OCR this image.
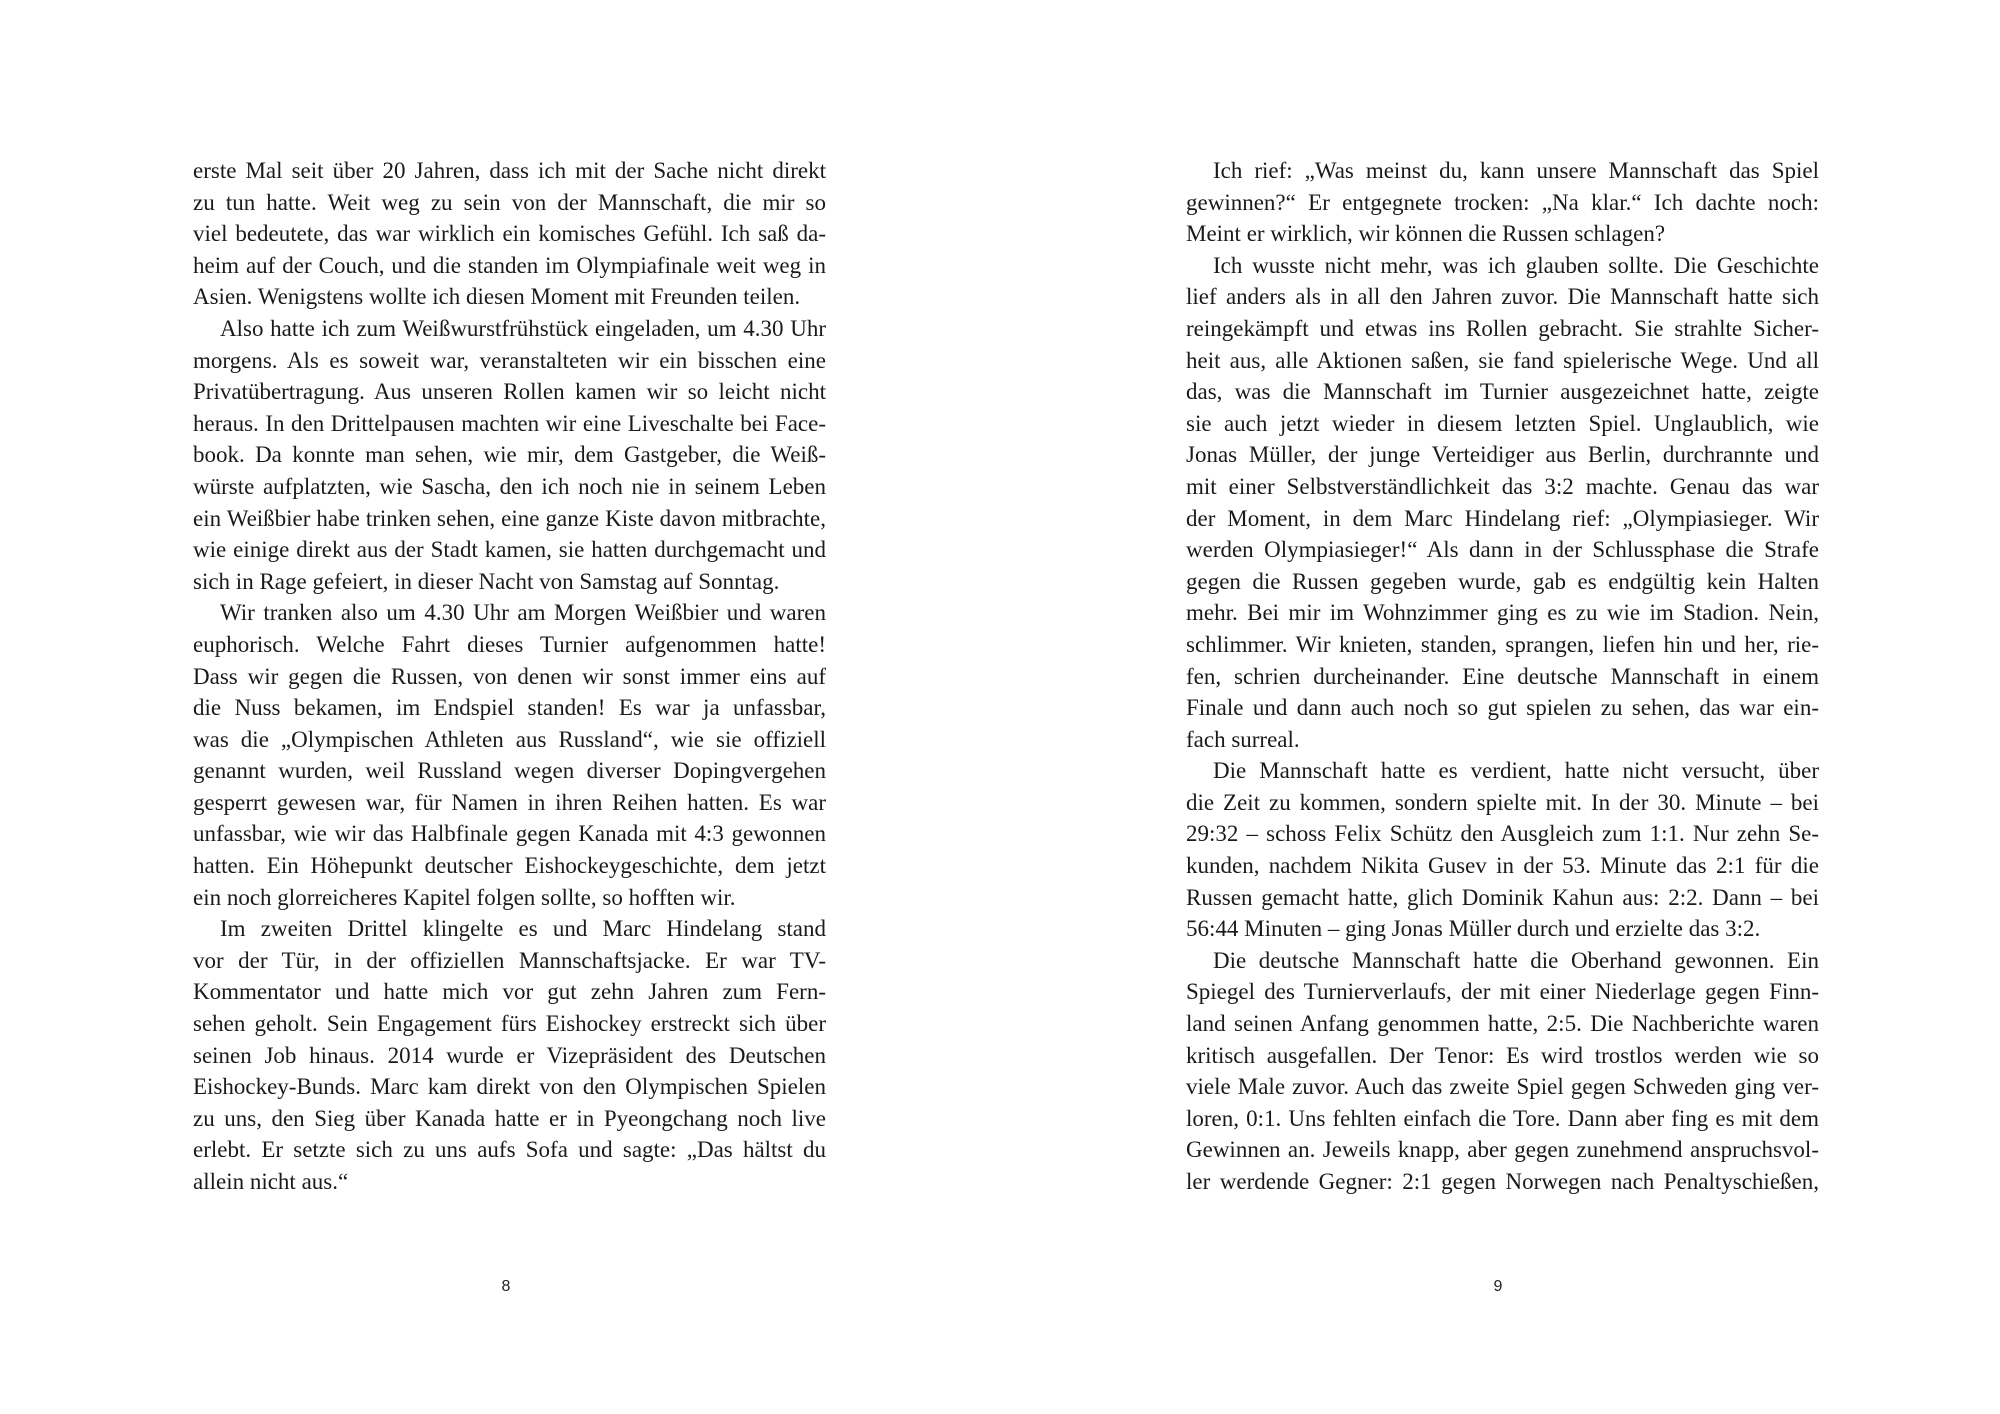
erste Mal seit über 20 Jahren, dass ich mit der Sache nicht direkt
zu tun hatte. Weit weg zu sein von der Mannschaft, die mir so
viel bedeutete, das war wirklich ein komisches Gefühl. Ich saß da-
heim auf der Couch, und die standen im Olympiafinale weit weg in
Asien. Wenigstens wollte ich diesen Moment mit Freunden teilen.
Also hatte ich zum Weißwurstfrühstück eingeladen, um 4.30 Uhr
morgens. Als es soweit war, veranstalteten wir ein bisschen eine
Privatübertragung. Aus unseren Rollen kamen wir so leicht nicht
heraus. In den Drittelpausen machten wir eine Liveschalte bei Face-
book. Da konnte man sehen, wie mir, dem Gastgeber, die Weiß-
würste aufplatzten, wie Sascha, den ich noch nie in seinem Leben
ein Weißbier habe trinken sehen, eine ganze Kiste davon mitbrachte,
wie einige direkt aus der Stadt kamen, sie hatten durchgemacht und
sich in Rage gefeiert, in dieser Nacht von Samstag auf Sonntag.
Wir tranken also um 4.30 Uhr am Morgen Weißbier und waren
euphorisch. Welche Fahrt dieses Turnier aufgenommen hatte!
Dass wir gegen die Russen, von denen wir sonst immer eins auf
die Nuss bekamen, im Endspiel standen! Es war ja unfassbar,
was die „Olympischen Athleten aus Russland“, wie sie offiziell
genannt wurden, weil Russland wegen diverser Dopingvergehen
gesperrt gewesen war, für Namen in ihren Reihen hatten. Es war
unfassbar, wie wir das Halbfinale gegen Kanada mit 4:3 gewonnen
hatten. Ein Höhepunkt deutscher Eishockeygeschichte, dem jetzt
ein noch glorreicheres Kapitel folgen sollte, so hofften wir.
Im zweiten Drittel klingelte es und Marc Hindelang stand
vor der Tür, in der offiziellen Mannschaftsjacke. Er war TV-
Kommentator und hatte mich vor gut zehn Jahren zum Fern-
sehen geholt. Sein Engagement fürs Eishockey erstreckt sich über
seinen Job hinaus. 2014 wurde er Vizepräsident des Deutschen
Eishockey-Bunds. Marc kam direkt von den Olympischen Spielen
zu uns, den Sieg über Kanada hatte er in Pyeongchang noch live
erlebt. Er setzte sich zu uns aufs Sofa und sagte: „Das hältst du
allein nicht aus.“
8
Ich rief: „Was meinst du, kann unsere Mannschaft das Spiel
gewinnen?“ Er entgegnete trocken: „Na klar.“ Ich dachte noch:
Meint er wirklich, wir können die Russen schlagen?
Ich wusste nicht mehr, was ich glauben sollte. Die Geschichte
lief anders als in all den Jahren zuvor. Die Mannschaft hatte sich
reingekämpft und etwas ins Rollen gebracht. Sie strahlte Sicher-
heit aus, alle Aktionen saßen, sie fand spielerische Wege. Und all
das, was die Mannschaft im Turnier ausgezeichnet hatte, zeigte
sie auch jetzt wieder in diesem letzten Spiel. Unglaublich, wie
Jonas Müller, der junge Verteidiger aus Berlin, durchrannte und
mit einer Selbstverständlichkeit das 3:2 machte. Genau das war
der Moment, in dem Marc Hindelang rief: „Olympiasieger. Wir
werden Olympiasieger!“ Als dann in der Schlussphase die Strafe
gegen die Russen gegeben wurde, gab es endgültig kein Halten
mehr. Bei mir im Wohnzimmer ging es zu wie im Stadion. Nein,
schlimmer. Wir knieten, standen, sprangen, liefen hin und her, rie-
fen, schrien durcheinander. Eine deutsche Mannschaft in einem
Finale und dann auch noch so gut spielen zu sehen, das war ein-
fach surreal.
Die Mannschaft hatte es verdient, hatte nicht versucht, über
die Zeit zu kommen, sondern spielte mit. In der 30. Minute – bei
29:32 – schoss Felix Schütz den Ausgleich zum 1:1. Nur zehn Se-
kunden, nachdem Nikita Gusev in der 53. Minute das 2:1 für die
Russen gemacht hatte, glich Dominik Kahun aus: 2:2. Dann – bei
56:44 Minuten – ging Jonas Müller durch und erzielte das 3:2.
Die deutsche Mannschaft hatte die Oberhand gewonnen. Ein
Spiegel des Turnierverlaufs, der mit einer Niederlage gegen Finn-
land seinen Anfang genommen hatte, 2:5. Die Nachberichte waren
kritisch ausgefallen. Der Tenor: Es wird trostlos werden wie so
viele Male zuvor. Auch das zweite Spiel gegen Schweden ging ver-
loren, 0:1. Uns fehlten einfach die Tore. Dann aber fing es mit dem
Gewinnen an. Jeweils knapp, aber gegen zunehmend anspruchsvol-
ler werdende Gegner: 2:1 gegen Norwegen nach Penaltyschießen,
9
